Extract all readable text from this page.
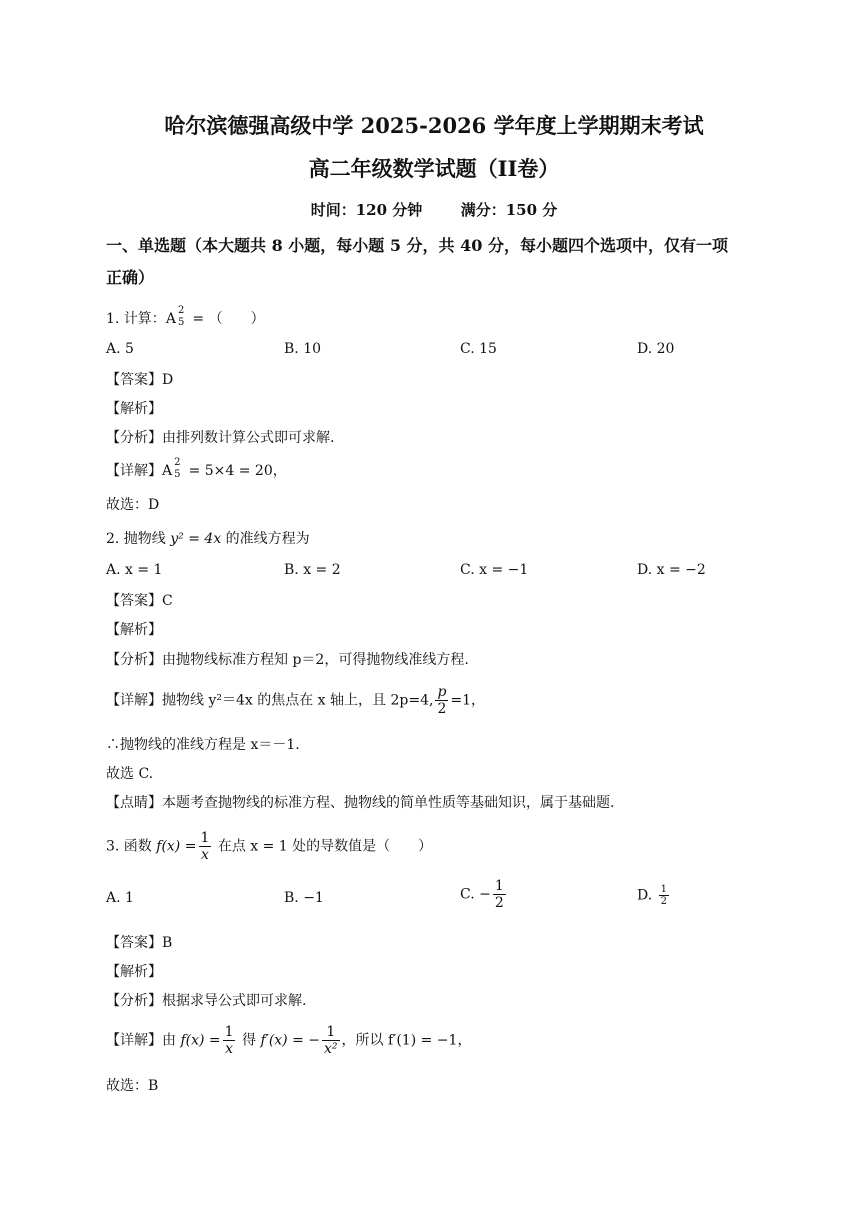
哈尔滨德强高级中学 2025-2026 学年度上学期期末考试
高二年级数学试题（II卷）
时间：120 分钟	满分：150 分
一、单选题（本大题共 8 小题，每小题 5 分，共 40 分，每小题四个选项中，仅有一项
正确）
1. 计算：A
2
5 = （　　）
A. 5	B. 10	C. 15	D. 20
【答案】D
【解析】
【分析】由排列数计算公式即可求解.
【详解】A
2
5 = 5×4 = 20，
故选：D
2. 抛物线 y² = 4x 的准线方程为
A. x = 1	B. x = 2	C. x = −1	D. x = −2
【答案】C
【解析】
【分析】由抛物线标准方程知 p＝2，可得抛物线准线方程.
【详解】抛物线 y²＝4x 的焦点在 x 轴上，且 2p=4, $\frac{p}{2} =1$，
∴抛物线的准线方程是 x＝－1.
故选 C.
【点睛】本题考查抛物线的标准方程、抛物线的简单性质等基础知识，属于基础题.
3. 函数 $f(x) = \frac{1}{x}$ 在点 x = 1 处的导数值是（　　）
A. 1	B. −1	C. − $\frac{1}{2}$	D. $\frac{1}{2}$
【答案】B
【解析】
【分析】根据求导公式即可求解.
【详解】由 $f(x) = \frac{1}{x}$ 得 f′(x) = − $\frac{1}{\text{x²}}$ ，所以 f′(1) = −1，
故选：B
